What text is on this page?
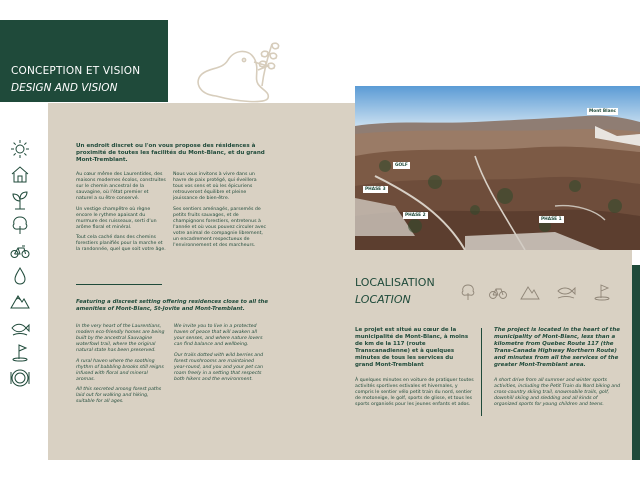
CONCEPTION ET VISION
DESIGN AND VISION
Un endroit discret ou l'on vous propose des résidences à proximité de toutes les facilités du Mont-Blanc, et du grand Mont-Tremblant.

Au cœur même des Laurentides, des maisons modernes écolos, construites sur le chemin ancestral de la sauvagine, où l'état premier et naturel a su être conservé.

Un vestige champêtre où règne encore le rythme apaisant du murmure des ruisseaux, serti d'un arôme floral et minéral.

Tout cela caché dans des chemins forestiers planifiés pour la marche et la randonnée, quel que soit votre âge.

Nous vous invitons à vivre dans un havre de paix protégé, qui éveillera tous vos sens et où les épicuriens retrouveront équilibre et pleine jouissance de bien-être.

Ses sentiers aménagés, parsemés de petits fruits sauvages, et de champignons forestiers, entretenus à l'année et où vous pouvez circuler avec votre animal de compagnie librement, un encadrement respectueux de l'environnement et des marcheurs.

Featuring a discreet setting offering residences close to all the amenities of Mont-Blanc, St-Jovite and Mont-Tremblant.

In the very heart of the Laurentians, modern eco-friendly homes are being built by the ancestral Sauvagine waterfowl trail, where the original natural state has been preserved.

A rural haven where the soothing rhythm of babbling brooks still reigns infused with floral and mineral aromas.

All this secreted among forest paths laid out for walking and hiking, suitable for all ages.

We invite you to live in a protected haven of peace that will awaken all your senses, and where nature lovers can find balance and wellbeing.

Our trails dotted with wild berries and forest mushrooms are maintained year-round, and you and your pet can roam freely in a setting that respects both hikers and the environment.

Mont Blanc
GOLF
PHASE 3
PHASE 2
PHASE 1
LOCALISATION
LOCATION
Le projet est situé au cœur de la municipalité de Mont-Blanc, à moins de km de la 117 (route Transcanadienne) et à quelques minutes de tous les services du grand Mont-Tremblant
À quelques minutes en voiture de pratiquer toutes activités sportives estivales et hivernales, y compris le sentier vélo petit train du nord, sentier de motoneige, le golf, sports de glisse, et tous les sports organisés pour les jeunes enfants et ados.
The project is located in the heart of the municipality of Mont-Blanc, less than a kilometre from Quebec Route 117 (the Trans-Canada Highway Northern Route) and minutes from all the services of the greater Mont-Tremblant area.
A short drive from all summer and winter sports activities, including the Petit Train du Nord biking and cross-country skiing trail, snowmobile trails, golf, downhill skiing and sledding and all kinds of organized sports for young children and teens.
